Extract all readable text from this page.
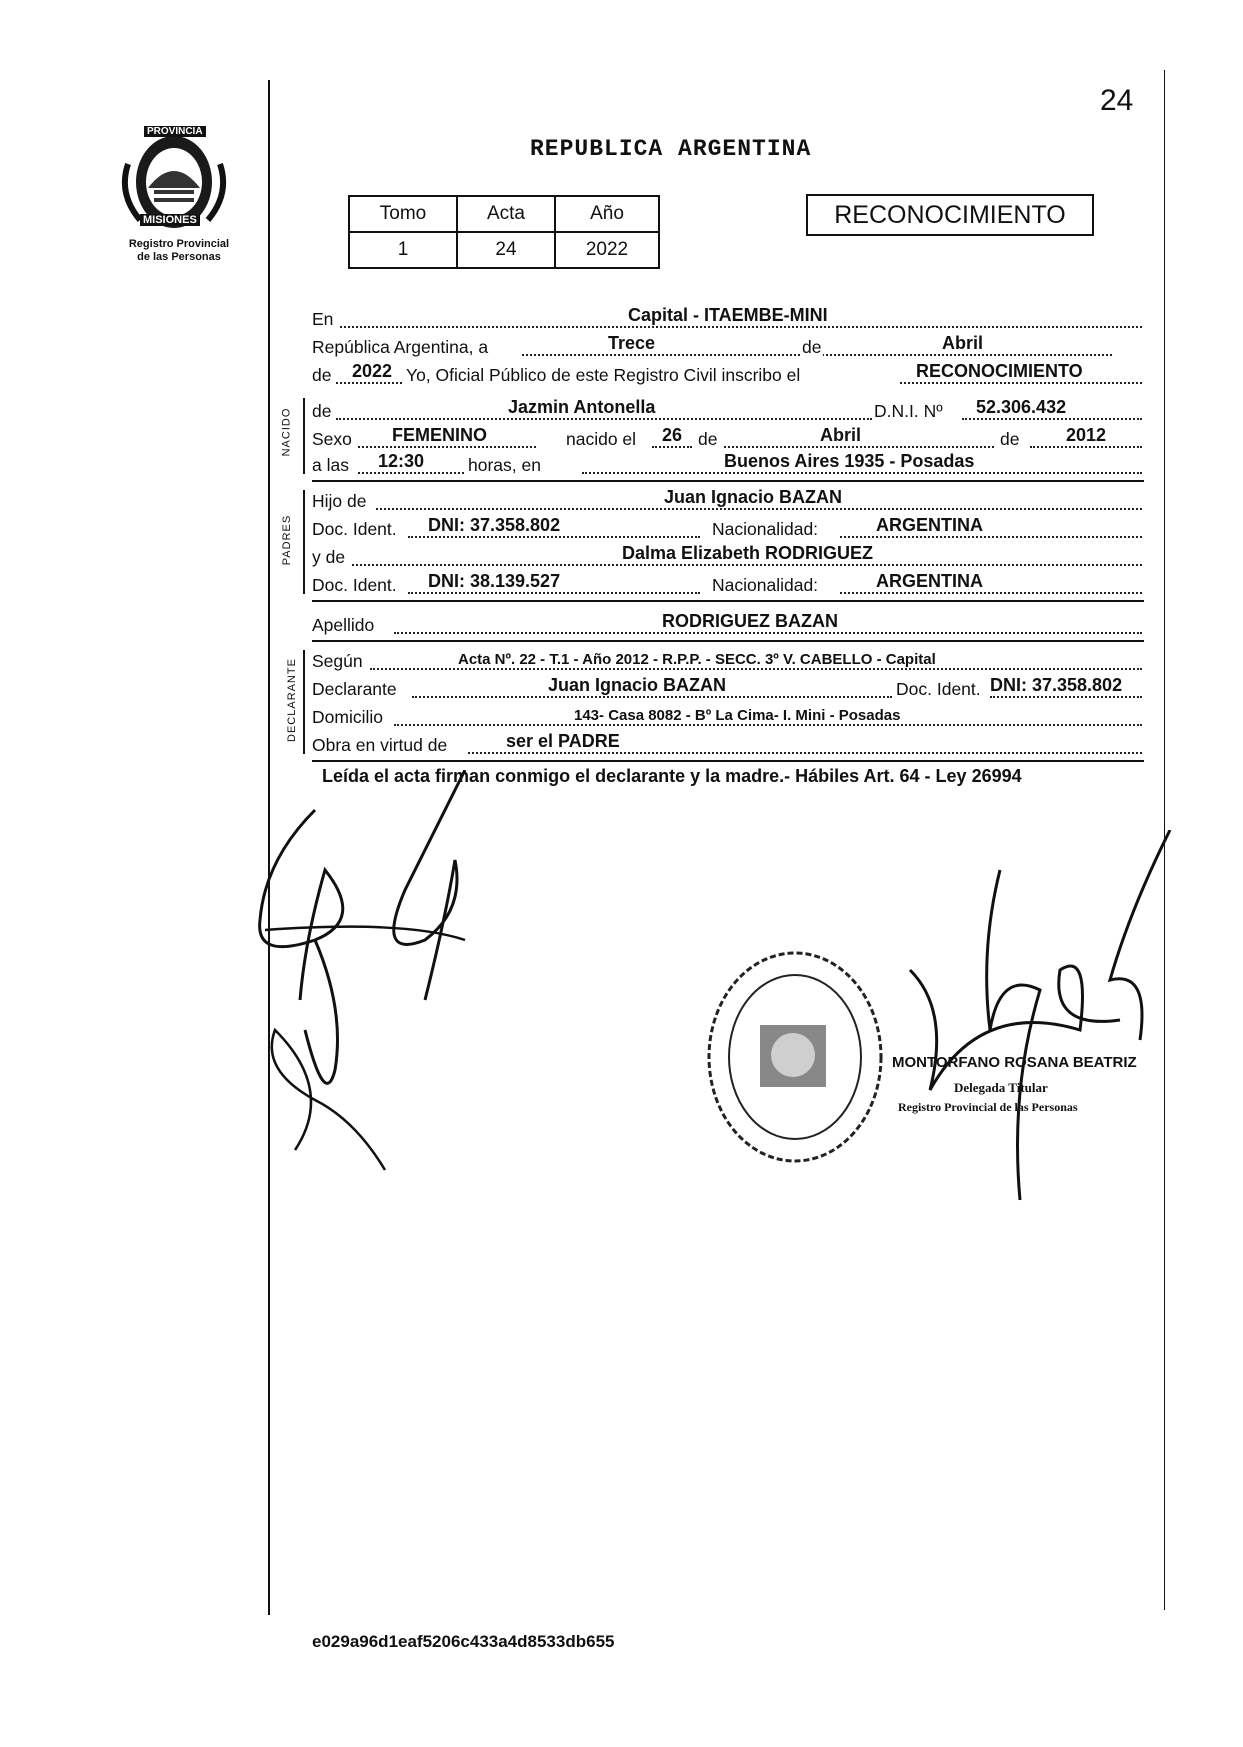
PROVINCIA
MISIONES
Registro Provincial
de las Personas
24
REPUBLICA ARGENTINA
Tomo	Acta	Año
1	24	2022
RECONOCIMIENTO
En	Capital - ITAEMBE-MINI
República Argentina, a	Trece	de	Abril
de 2022 Yo, Oficial Público de este Registro Civil inscribo el	RECONOCIMIENTO
NACIDO de	Jazmin Antonella	D.N.I. Nº 52.306.432
Sexo FEMENINO	nacido el 26 de	Abril	de	2012
a las 12:30	horas, en	Buenos Aires 1935 - Posadas
PADRES
Hijo de	Juan Ignacio BAZAN
Doc. Ident. DNI: 37.358.802	Nacionalidad:	ARGENTINA
y de	Dalma Elizabeth RODRIGUEZ
Doc. Ident. DNI: 38.139.527	Nacionalidad:	ARGENTINA
Apellido	RODRIGUEZ BAZAN
DECLARANTE Según	Acta Nº. 22 - T.1 - Año 2012 - R.P.P. - SECC. 3º V. CABELLO - Capital
Declarante	Juan Ignacio BAZAN	Doc. Ident. DNI: 37.358.802
Domicilio	143- Casa 8082 - Bº La Cima- I. Mini - Posadas
Obra en virtud de	ser el PADRE
Leída el acta firman conmigo el declarante y la madre.- Hábiles Art. 64 - Ley 26994
MONTORFANO ROSANA BEATRIZ
Delegada Titular
Registro Provincial de las Personas
e029a96d1eaf5206c433a4d8533db655
